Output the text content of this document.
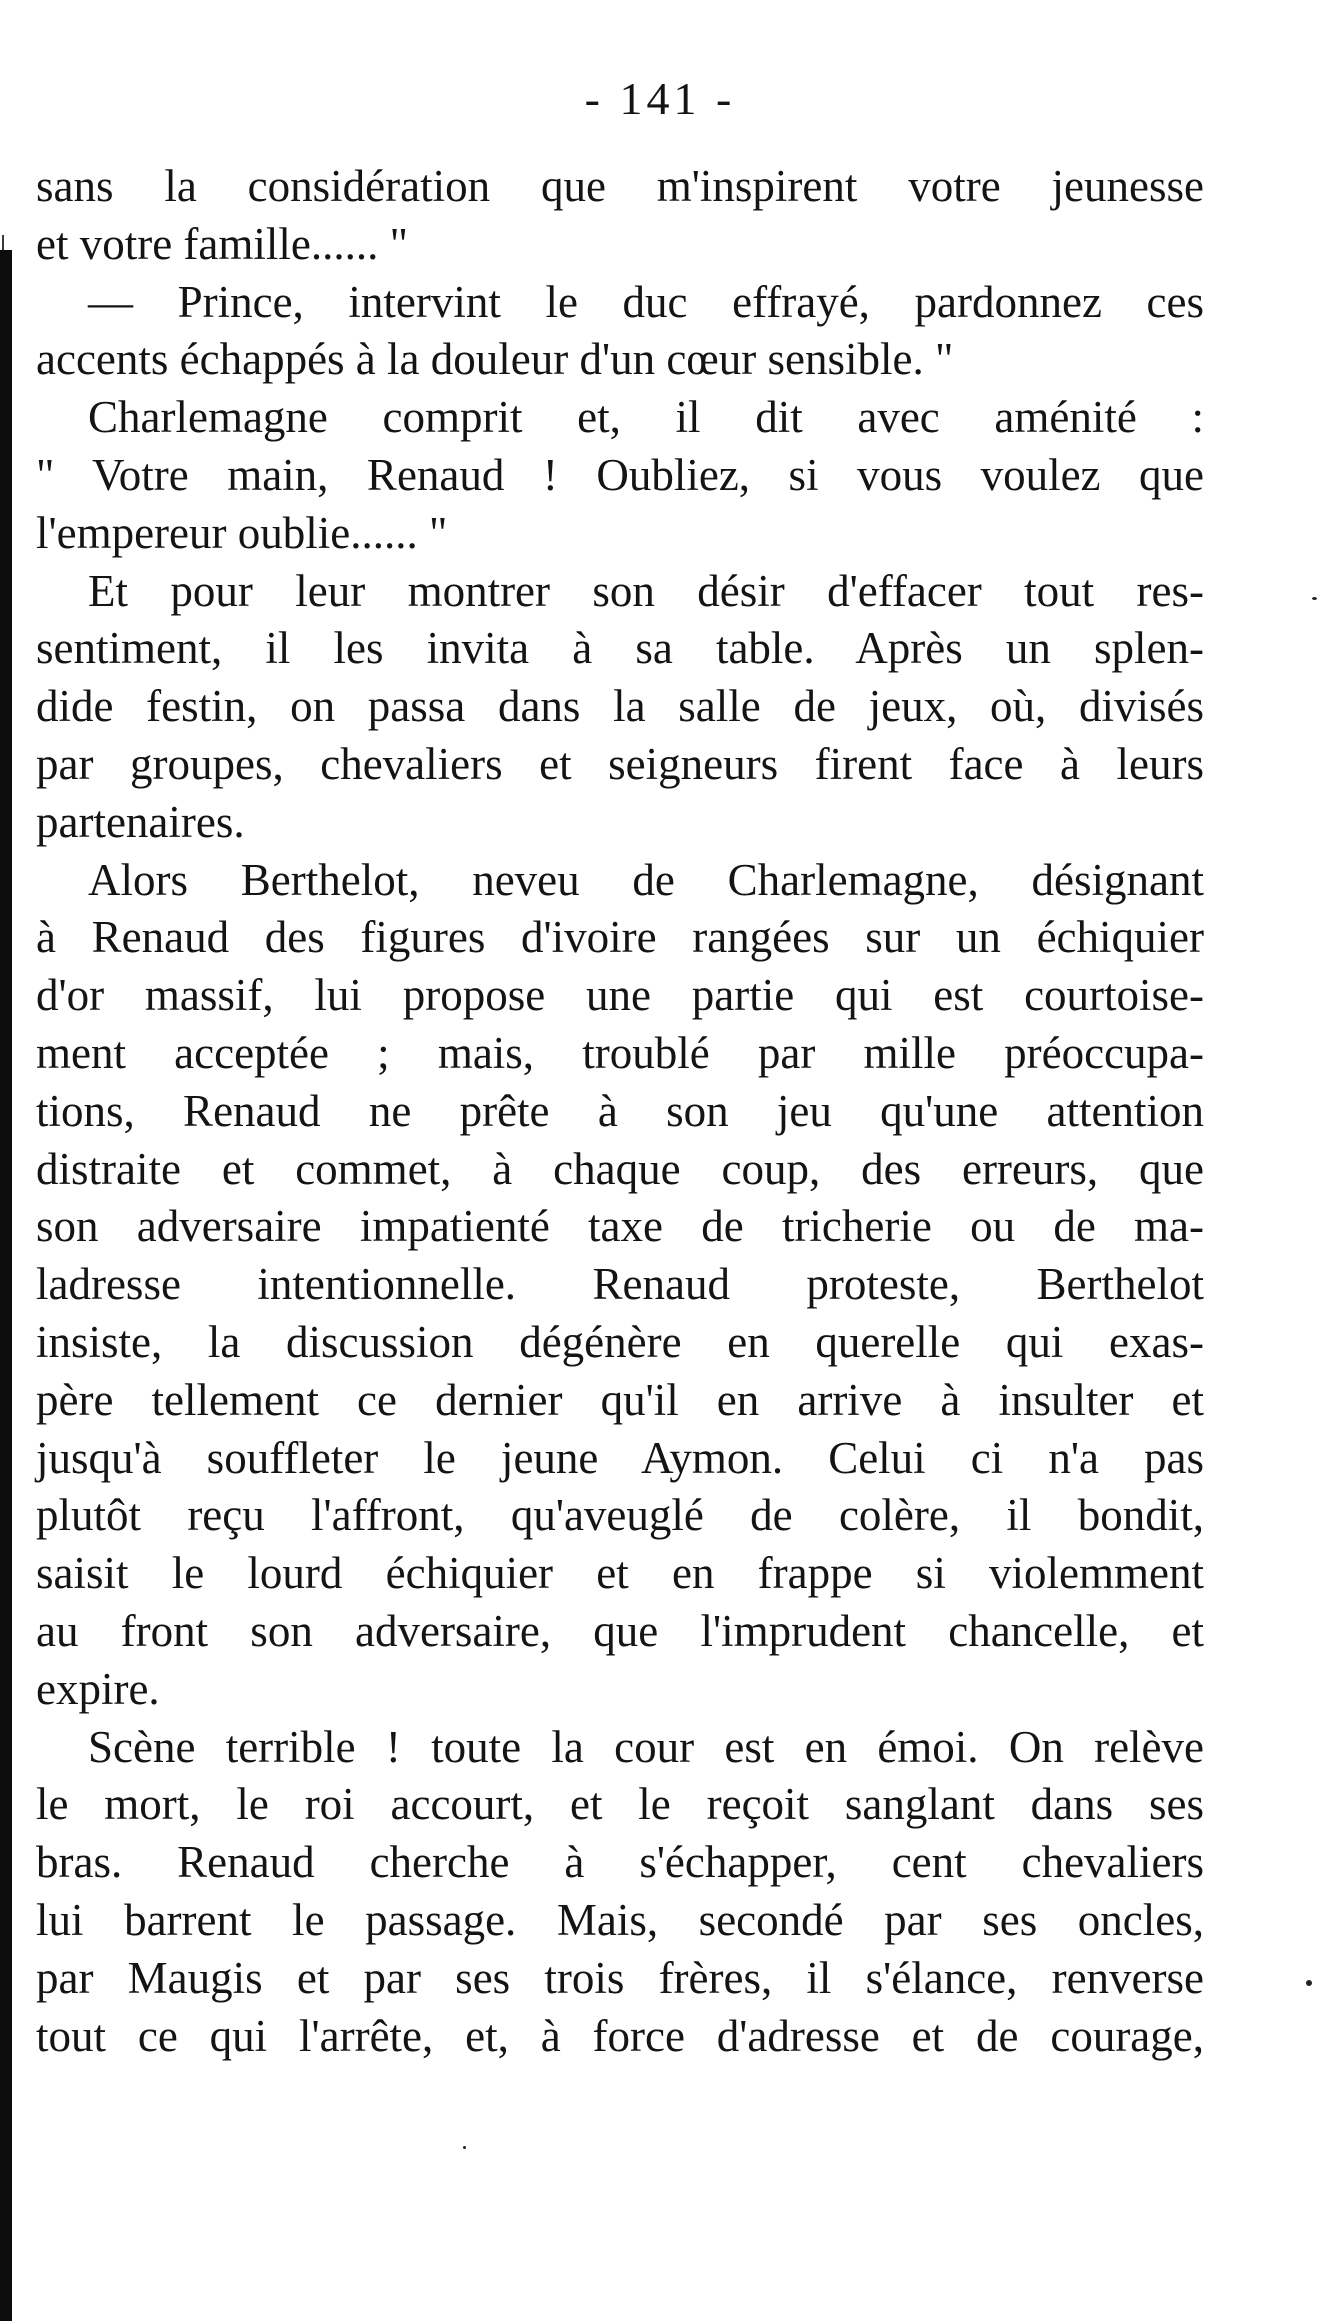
- 141 -

sans la considération que m'inspirent votre jeunesse
et votre famille...... "
— Prince, intervint le duc effrayé, pardonnez ces
accents échappés à la douleur d'un cœur sensible. "
Charlemagne comprit et, il dit avec aménité :
" Votre main, Renaud ! Oubliez, si vous voulez que
l'empereur oublie...... "
Et pour leur montrer son désir d'effacer tout res-
sentiment, il les invita à sa table. Après un splen-
dide festin, on passa dans la salle de jeux, où, divisés
par groupes, chevaliers et seigneurs firent face à leurs
partenaires.
Alors Berthelot, neveu de Charlemagne, désignant
à Renaud des figures d'ivoire rangées sur un échiquier
d'or massif, lui propose une partie qui est courtoise-
ment acceptée ; mais, troublé par mille préoccupa-
tions, Renaud ne prête à son jeu qu'une attention
distraite et commet, à chaque coup, des erreurs, que
son adversaire impatienté taxe de tricherie ou de ma-
ladresse intentionnelle. Renaud proteste, Berthelot
insiste, la discussion dégénère en querelle qui exas-
père tellement ce dernier qu'il en arrive à insulter et
jusqu'à souffleter le jeune Aymon. Celui ci n'a pas
plutôt reçu l'affront, qu'aveuglé de colère, il bondit,
saisit le lourd échiquier et en frappe si violemment
au front son adversaire, que l'imprudent chancelle, et
expire.
Scène terrible ! toute la cour est en émoi. On relève
le mort, le roi accourt, et le reçoit sanglant dans ses
bras. Renaud cherche à s'échapper, cent chevaliers
lui barrent le passage. Mais, secondé par ses oncles,
par Maugis et par ses trois frères, il s'élance, renverse
tout ce qui l'arrête, et, à force d'adresse et de courage,
